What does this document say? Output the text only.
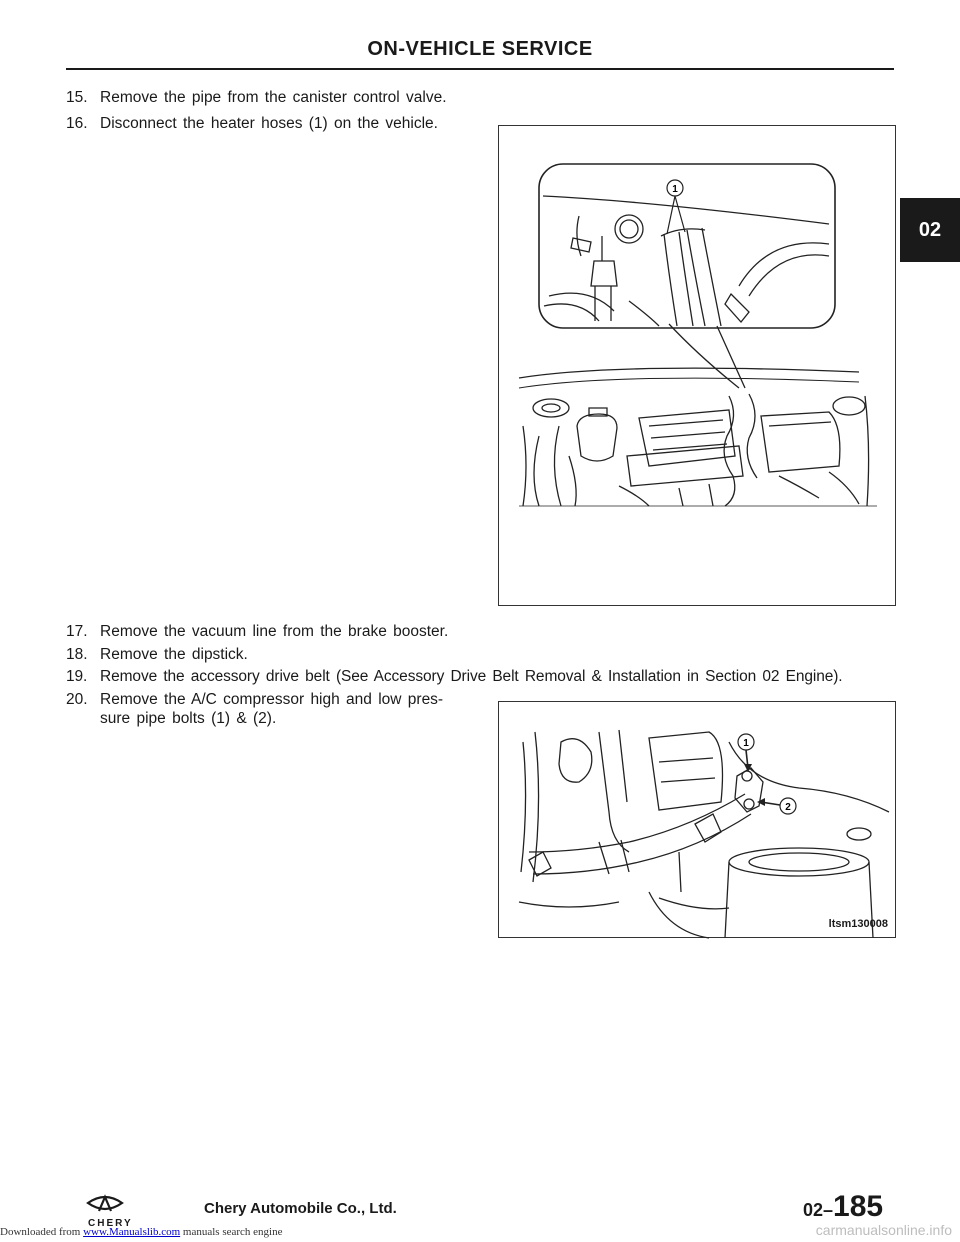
ON-VEHICLE SERVICE
02
15. Remove the pipe from the canister control valve.
16. Disconnect the heater hoses (1) on the vehicle.
17. Remove the vacuum line from the brake booster.
18. Remove the dipstick.
19. Remove the accessory drive belt (See Accessory Drive Belt Removal & Installation in Section 02 Engine).
20. Remove the A/C compressor high and low pres-
sure pipe bolts (1) & (2).
1
1
2
ltsm130008
CHERY
Chery Automobile Co., Ltd.	02–185
Downloaded from www.Manualslib.com manuals search engine	carmanualsonline.info
